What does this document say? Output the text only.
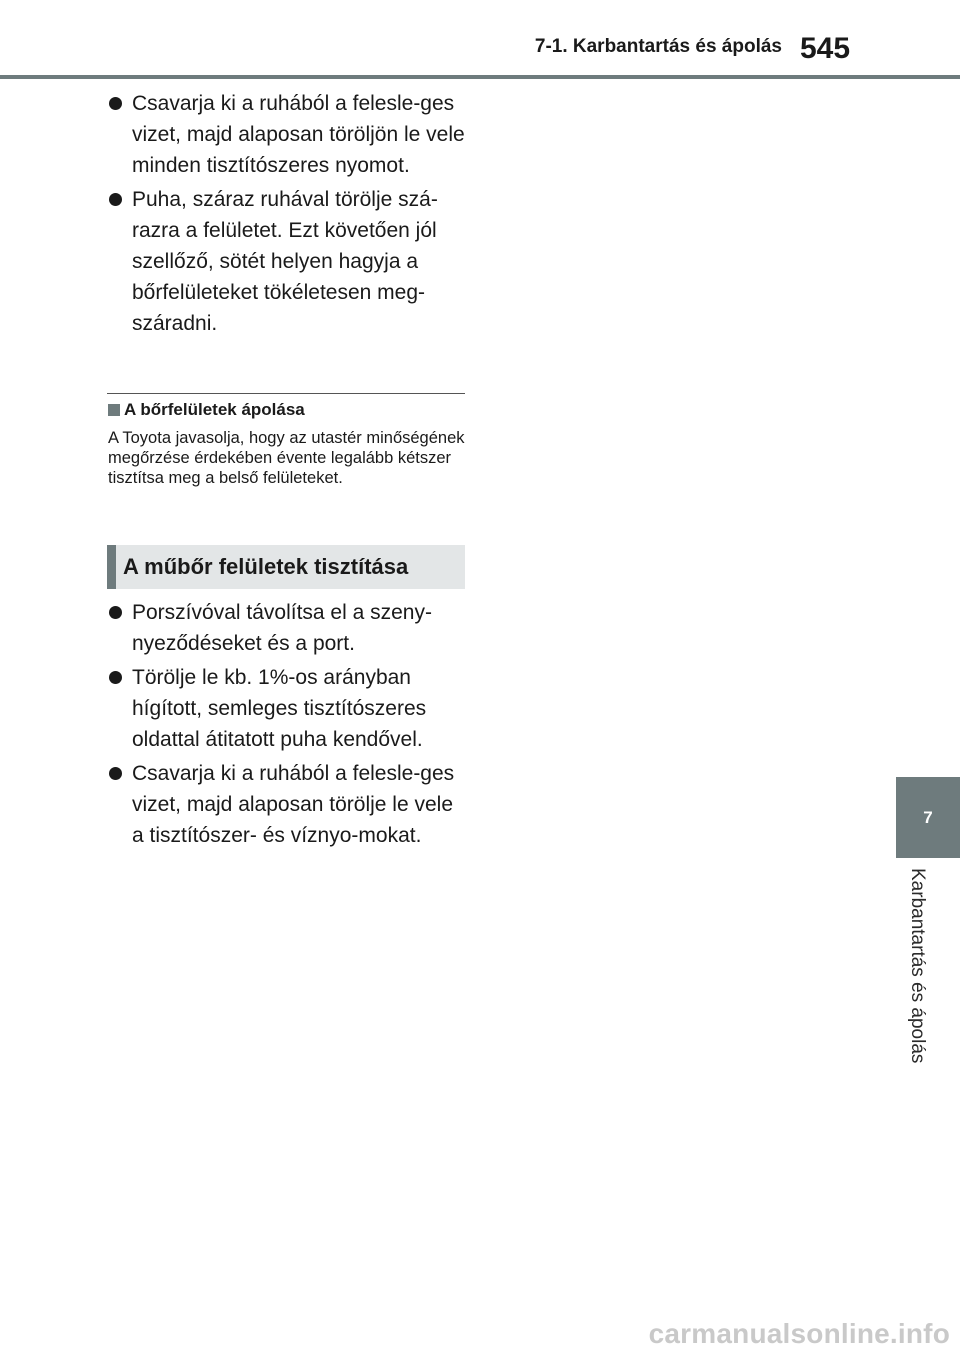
7-1. Karbantartás és ápolás 545
7
Karbantartás és ápolás
Csavarja ki a ruhából a felesle-ges vizet, majd alaposan töröljön le vele minden tisztítószeres nyomot.
Puha, száraz ruhával törölje szá-razra a felületet. Ezt követően jól szellőző, sötét helyen hagyja a bőrfelületeket tökéletesen meg-száradni.
A bőrfelületek ápolása
A Toyota javasolja, hogy az utastér minőségének megőrzése érdekében évente legalább kétszer tisztítsa meg a belső felületeket.
A műbőr felületek tisztítása
Porszívóval távolítsa el a szeny-nyeződéseket és a port.
Törölje le kb. 1%-os arányban hígított, semleges tisztítószeres oldattal átitatott puha kendővel.
Csavarja ki a ruhából a felesle-ges vizet, majd alaposan törölje le vele a tisztítószer- és víznyo-mokat.
carmanualsonline.info
